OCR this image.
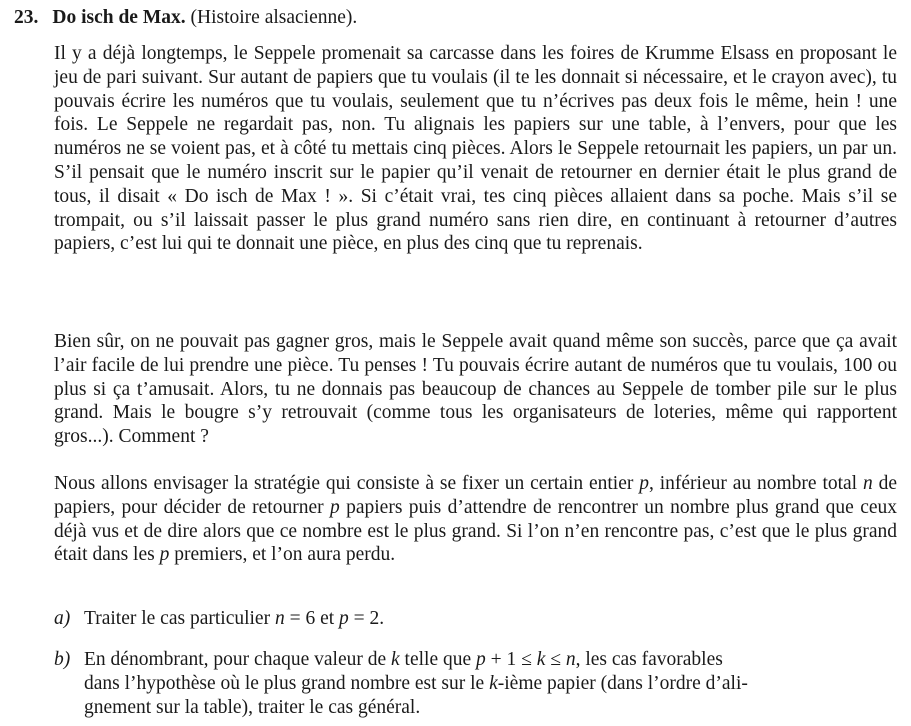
23. Do isch de Max. (Histoire alsacienne).
Il y a déjà longtemps, le Seppele promenait sa carcasse dans les foires de Krumme Elsass en proposant le jeu de pari suivant. Sur autant de papiers que tu voulais (il te les donnait si nécessaire, et le crayon avec), tu pouvais écrire les numéros que tu voulais, seulement que tu n’écrives pas deux fois le même, hein ! une fois. Le Seppele ne regardait pas, non. Tu alignais les papiers sur une table, à l’envers, pour que les numéros ne se voient pas, et à côté tu mettais cinq pièces. Alors le Seppele retournait les papiers, un par un. S’il pensait que le numéro inscrit sur le papier qu’il venait de retourner en dernier était le plus grand de tous, il disait « Do isch de Max ! ». Si c’était vrai, tes cinq pièces allaient dans sa poche. Mais s’il se trompait, ou s’il laissait passer le plus grand numéro sans rien dire, en continuant à retourner d’autres papiers, c’est lui qui te donnait une pièce, en plus des cinq que tu reprenais.
Bien sûr, on ne pouvait pas gagner gros, mais le Seppele avait quand même son succès, parce que ça avait l’air facile de lui prendre une pièce. Tu penses ! Tu pouvais écrire autant de numéros que tu voulais, 100 ou plus si ça t’amusait. Alors, tu ne donnais pas beaucoup de chances au Seppele de tomber pile sur le plus grand. Mais le bougre s’y retrouvait (comme tous les organisateurs de loteries, même qui rapportent gros...). Comment ?
Nous allons envisager la stratégie qui consiste à se fixer un certain entier p, inférieur au nombre total n de papiers, pour décider de retourner p papiers puis d’attendre de rencontrer un nombre plus grand que ceux déjà vus et de dire alors que ce nombre est le plus grand. Si l’on n’en rencontre pas, c’est que le plus grand était dans les p premiers, et l’on aura perdu.
a) Traiter le cas particulier n = 6 et p = 2.
b) En dénombrant, pour chaque valeur de k telle que p + 1 ≤ k ≤ n, les cas favorables
dans l’hypothèse où le plus grand nombre est sur le k-ième papier (dans l’ordre d’ali-
gnement sur la table), traiter le cas général.
